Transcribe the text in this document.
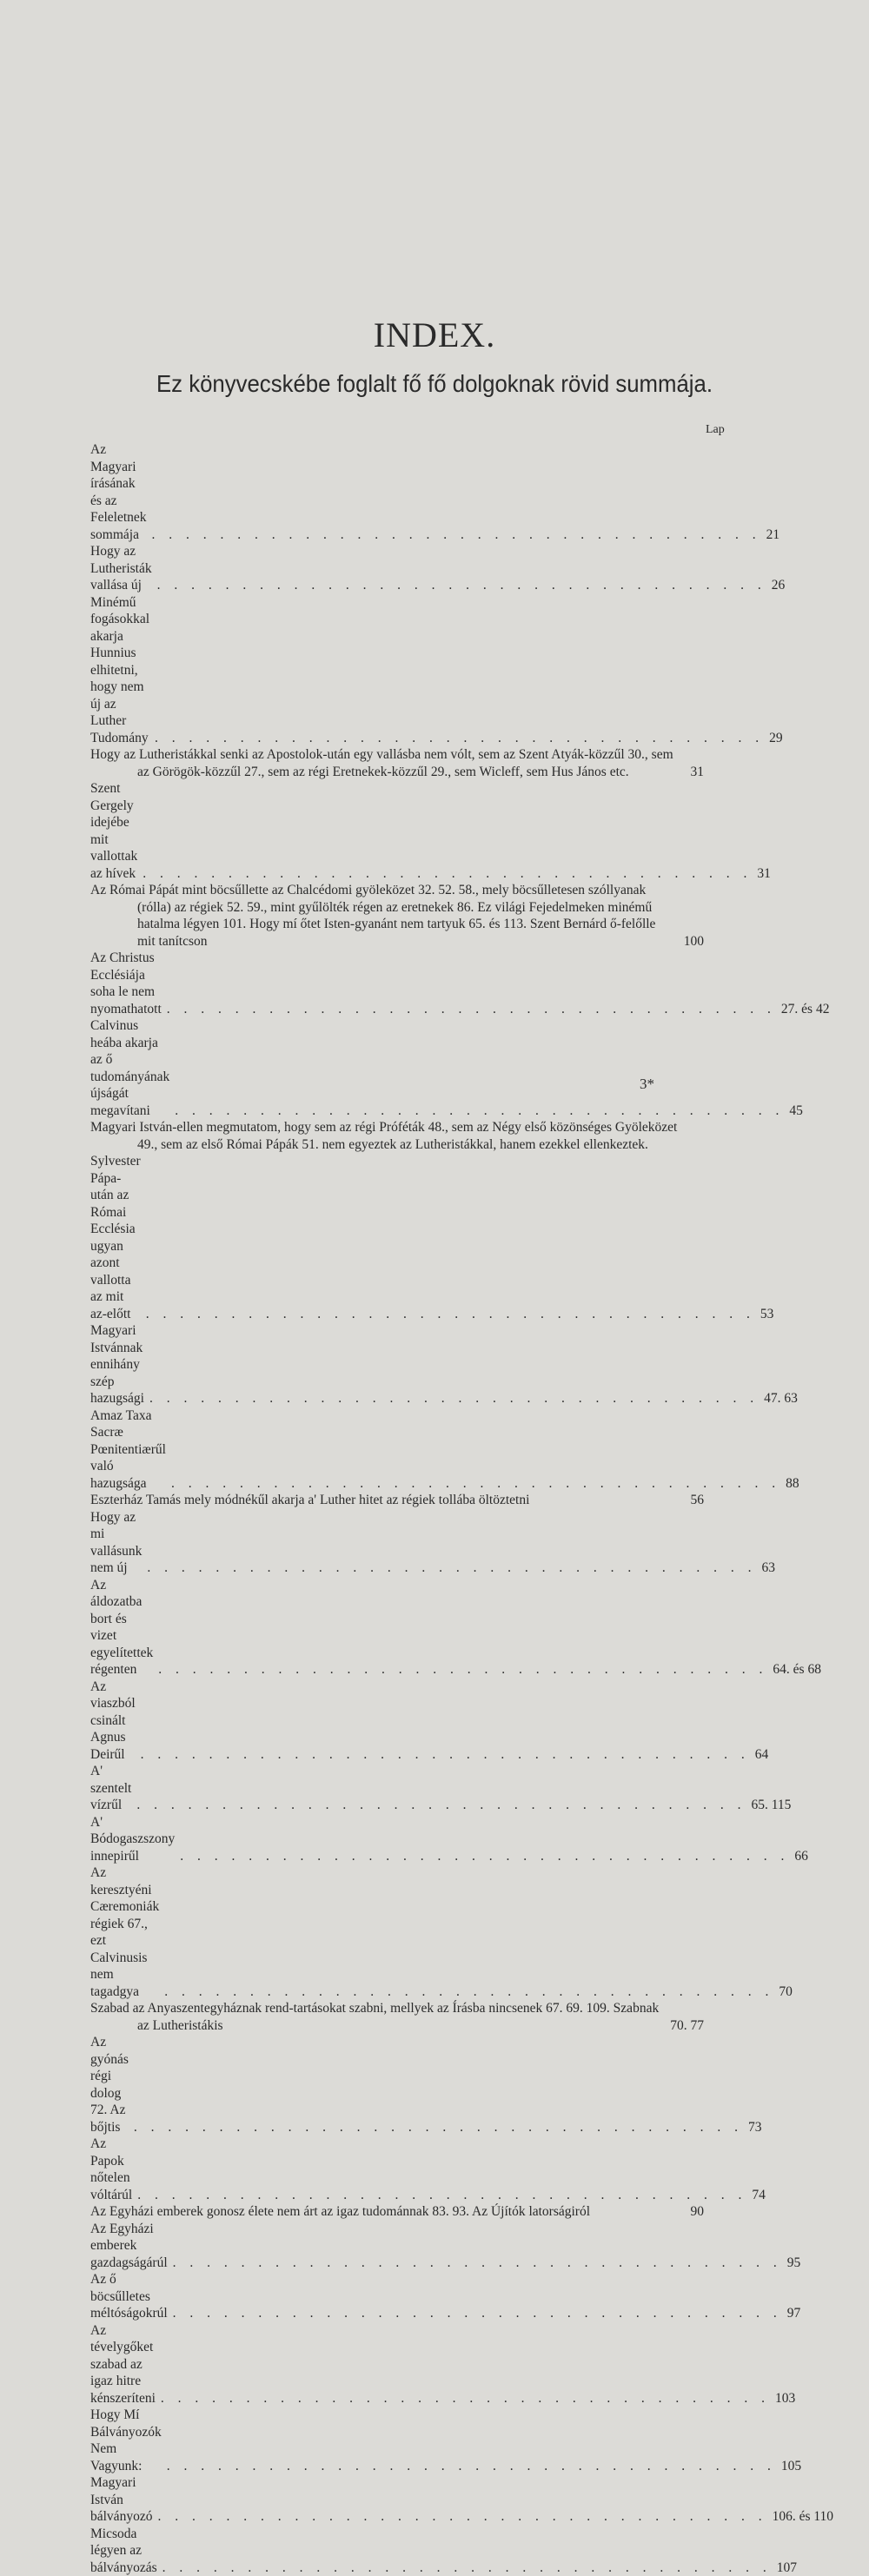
INDEX.
Ez könyvecskébe foglalt fő fő dolgoknak rövid summája.
Lap
Az Magyari írásának és az Feleletnek sommája . . . . . . . . . . . . . . . . . . . . . . . . . . . . . . . . . . . . 21
Hogy az Lutheristák vallása új	. . . . . . . . . . . . . . . . . . . . . . . . . . . . . . . . . . . . 26
Minémű fogásokkal akarja Hunnius elhitetni, hogy nem új az Luther Tudomány . . . . . . . . . . . . . . . . . . . . . . . . . . . . . . . . . . . . 29
Hogy az Lutheristákkal senki az Apostolok-után egy vallásba nem vólt, sem az Szent Atyák-közzűl 30., sem az Görögök-közzűl 27., sem az régi Eretnekek-közzűl 29., sem Wicleff, sem Hus János etc.	31
Szent Gergely idejébe mit vallottak az hívek . . . . . . . . . . . . . . . . . . . . . . . . . . . . . . . . . . . . 31
Az Római Pápát mint böcsűllette az Chalcédomi gyöleközet 32. 52. 58., mely böcsűlletesen szóllyanak (rólla) az régiek 52. 59., mint gyűlölték régen az eretnekek 86. Ez világi Fejedelmeken minémű hatalma légyen 101. Hogy mí őtet Isten-gyanánt nem tartyuk 65. és 113. Szent Bernárd ő-felőlle mit tanítcson	100
Az Christus Ecclésiája soha le nem nyomathatott . . . . . . . . . . . . . . . . . . . . . . . . . . . . . . . . . . . . 27. és 42
Calvinus heába akarja az ő tudományának újságát megavítani	. . . . . . . . . . . . . . . . . . . . . . . . . . . . . . . . . . . . 45
Magyari István-ellen megmutatom, hogy sem az régi Próféták 48., sem az Négy első közönséges Gyöleközet 49., sem az első Római Pápák 51. nem egyeztek az Lutheristákkal, hanem ezekkel ellenkeztek.
Sylvester Pápa-után az Római Ecclésia ugyan azont vallotta az mit az-előtt	. . . . . . . . . . . . . . . . . . . . . . . . . . . . . . . . . . . . 53
Magyari Istvánnak ennihány szép hazugsági . . . . . . . . . . . . . . . . . . . . . . . . . . . . . . . . . . . . 47. 63
Amaz Taxa Sacræ Pœnitentiærűl való hazugsága	. . . . . . . . . . . . . . . . . . . . . . . . . . . . . . . . . . . . 88
Eszterház Tamás mely módnékűl akarja a' Luther hitet az régiek tollába öltöztetni	56
Hogy az mi vallásunk nem új	. . . . . . . . . . . . . . . . . . . . . . . . . . . . . . . . . . . . 63
Az áldozatba bort és vizet egyelítettek régenten	. . . . . . . . . . . . . . . . . . . . . . . . . . . . . . . . . . . . 64. és 68
Az viaszból csinált Agnus Deirűl	. . . . . . . . . . . . . . . . . . . . . . . . . . . . . . . . . . . . 64
A' szentelt vízrűl	. . . . . . . . . . . . . . . . . . . . . . . . . . . . . . . . . . . . 65. 115
A' Bódogaszszony innepirűl	. . . . . . . . . . . . . . . . . . . . . . . . . . . . . . . . . . . . 66
Az keresztyéni Cæremoniák régiek 67., ezt Calvinusis nem tagadgya	. . . . . . . . . . . . . . . . . . . . . . . . . . . . . . . . . . . . 70
Szabad az Anyaszentegyháznak rend-tartásokat szabni, mellyek az Írásba nincsenek 67. 69. 109. Szabnak az Lutheristákis	70. 77
Az gyónás régi dolog 72. Az bőjtis . . . . . . . . . . . . . . . . . . . . . . . . . . . . . . . . . . . . 73
Az Papok nőtelen vóltárúl . . . . . . . . . . . . . . . . . . . . . . . . . . . . . . . . . . . . 74
Az Egyházi emberek gonosz élete nem árt az igaz tudománnak 83. 93. Az Újítók latorságiról	90
Az Egyházi emberek gazdagságárúl . . . . . . . . . . . . . . . . . . . . . . . . . . . . . . . . . . . . 95
Az ő böcsűlletes méltóságokrúl . . . . . . . . . . . . . . . . . . . . . . . . . . . . . . . . . . . . 97
Az tévelygőket szabad az igaz hitre kénszeríteni . . . . . . . . . . . . . . . . . . . . . . . . . . . . . . . . . . . . 103
Hogy Mí Bálványozók Nem Vagyunk:	. . . . . . . . . . . . . . . . . . . . . . . . . . . . . . . . . . . . 105
Magyari István bálványozó . . . . . . . . . . . . . . . . . . . . . . . . . . . . . . . . . . . . 106. és 110
Micsoda légyen az bálványozás . . . . . . . . . . . . . . . . . . . . . . . . . . . . . . . . . . . . 107
3*
